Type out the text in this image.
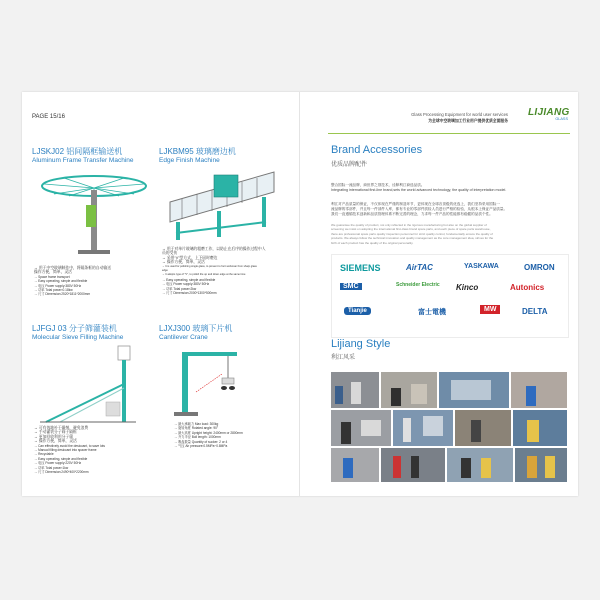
PAGE 15/16
LJSKJ02 铝间隔框输送机
Aluminum Frame Transfer Machine
→ 用于中空玻璃制作中，将隔条框的自动输送
操作方便，简单，灵活
→ Space frame transport
→ Easy operating, simple and flexible
→ 电压 Power supply:380V 50Hz
→ 功率 Total power:0.18kw
→ 尺寸 Dimension:2520*1811*2000mm
LJKBM95 玻璃磨边机
Edge Finish Machine
→ 用于对单片玻璃的粗磨工作，以防止在后序的操作过程中人
员的受伤
→ 采用“V”型方式，上下同时磨边
→ 操作方便，简单，灵活
→ It is used for polishing single glass, to prevent to hurt workman from sharp glass
edge
→ It adopts type of "V", to polish the up and down edge at the same time
→ Easy operating, simple and flexible
→ 电压 Power supply:380V 50Hz
→ 功率 Total power:2kw
→ 尺寸 Dimension:2000*1300*500mm
LJFGJ 03 分子筛灌装机
Molecular Sieve Filling Machine
→ 可有效地补干燥剂，避免浪费
→ 手动灌装分子筛于隔框
→ 更加回收利用分子筛
→ 操作方便，简单，灵活
→ Can effectively avoid the desiccant, to save lots
→ Manual filling desiccant into spacer frame
→ Recyclable
→ Easy operating, simple and flexible
→ 电压 Power supply:220V 50Hz
→ 功率 Total power:1kw
→ 尺寸 Dimension:2490*400*2200mm
LJXJ300 玻璃下片机
Cantilever Crane
→ 最大承载力 Max load: 300kg
→ 旋转角度 Rotated angle: 90°
→ 最大高度 Upright height: 2400mm or 2800mm
→ 升力半径 Boll length: 1000mm
→ 吸盘数量 Quantity of sucker: 2 or 4
→ 气压 Air pressure:0.5MPa~0.8MPa
Glass Processing Equipment for world user services
为全球中空玻璃加工行业用户提供优质全面服务
LIJIANG
GLASS
Brand Accessories
优质品牌配件
整合国际一流品牌，商世界之领技术，诠释利江商选品质。
Integrating international first-line brand,sets the world advanced technology, the quality of interpretation model.
利江对产品质量的保证，不仅体现在严谨的制造环节，更体现在全球各顶级的优选上，我们坚持采用国际一
流品牌的零部件，并且每一件部件入库，都有专业的零部件质检人员进行严格的检验，从根本上保证产品质量。
我们一直遵循技术创新和品质管理体系不断完善的理念，力求每一件产品的性能都有稳健的品质个性。
We guarantee the quality of product, not only reflected in the rigorous manufacturing but also on the global supplier of
screening we insist on adopting the international first-class brand spare parts, and each piece of spare parts warehouse,
there are professional spare parts quality inspection personnel for strict quality control, fundamentally ensure the quality of
products. We always follow the technical innovation and quality management as the core management idea, strives for the
birth of each product has the quality of the original personality.
SIEMENS	AirTAC	YASKAWA	OMRON
SMC	Schneider Electric Kinco	Autonics
Tianjie	富士電機	MW	DELTA
Lijiang Style
利江风采
